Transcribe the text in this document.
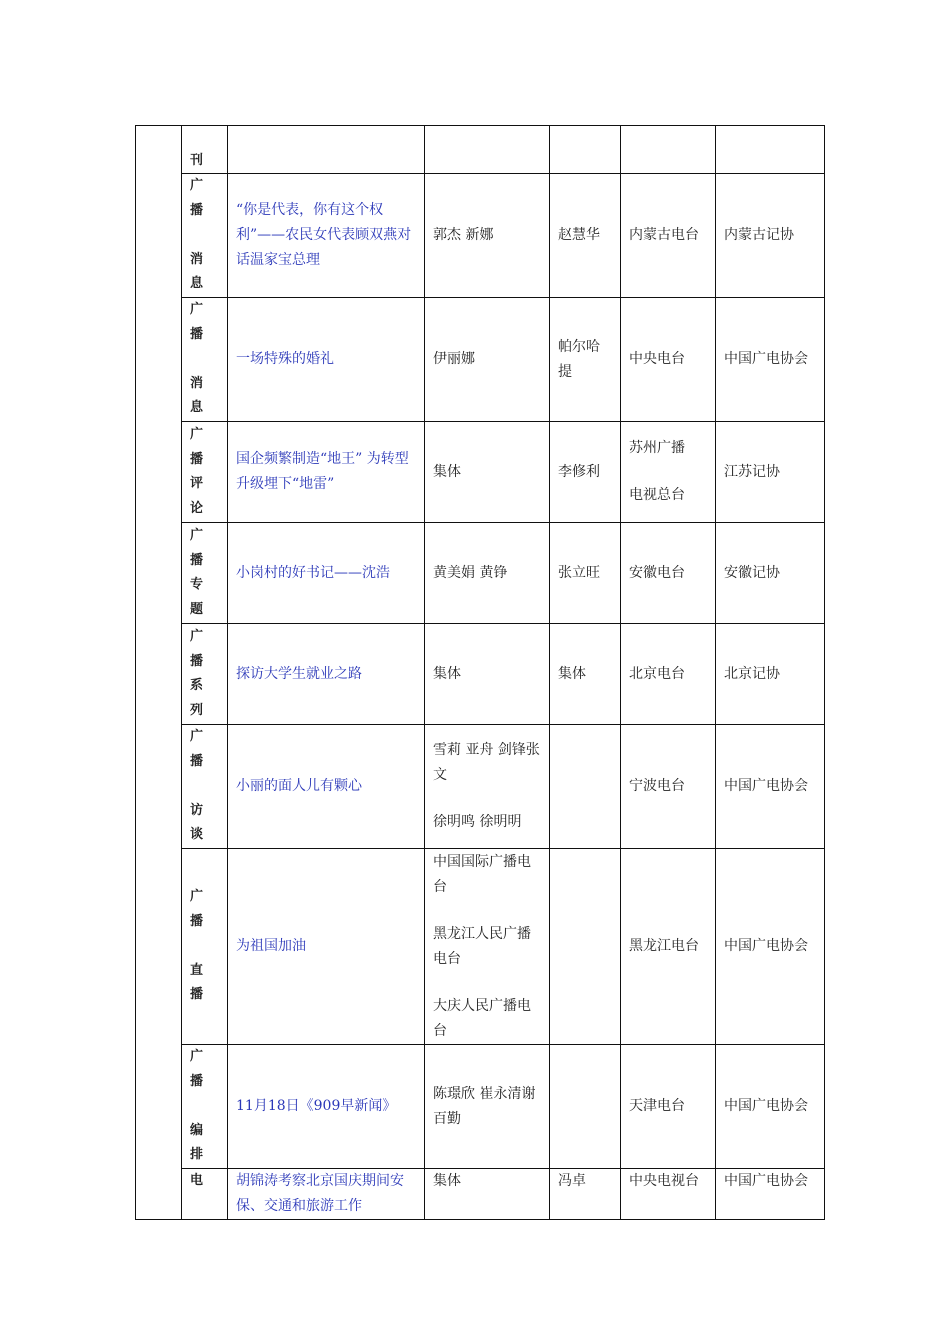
	刊					

	广
播
消
息	“你是代表，你有这个权利”——农民女代表顾双燕对话温家宝总理	郭杰 新娜	赵慧华	内蒙古电台	内蒙古记协

	广
播
消
息	一场特殊的婚礼	伊丽娜	帕尔哈提	中央电台	中国广电协会

	广
播
评
论	国企频繁制造“地王” 为转型升级埋下“地雷”	集体	李修利	苏州广播
电视总台	江苏记协

	广
播
专
题	小岗村的好书记——沈浩	黄美娟 黄铮	张立旺	安徽电台	安徽记协

	广
播
系
列	探访大学生就业之路	集体	集体	北京电台	北京记协

	广
播
访
谈	小丽的面人儿有颗心	雪莉 亚舟 剑锋张文
徐明鸣 徐明明		宁波电台	中国广电协会

	广
播
直
播	为祖国加油	中国国际广播电台
黑龙江人民广播电台
大庆人民广播电台		黑龙江电台	中国广电协会

	广
播
编
排	11月18日《909早新闻》	陈璟欣 崔永清谢百勤		天津电台	中国广电协会

	电	胡锦涛考察北京国庆期间安保、交通和旅游工作	集体	冯卓	中央电视台	中国广电协会
